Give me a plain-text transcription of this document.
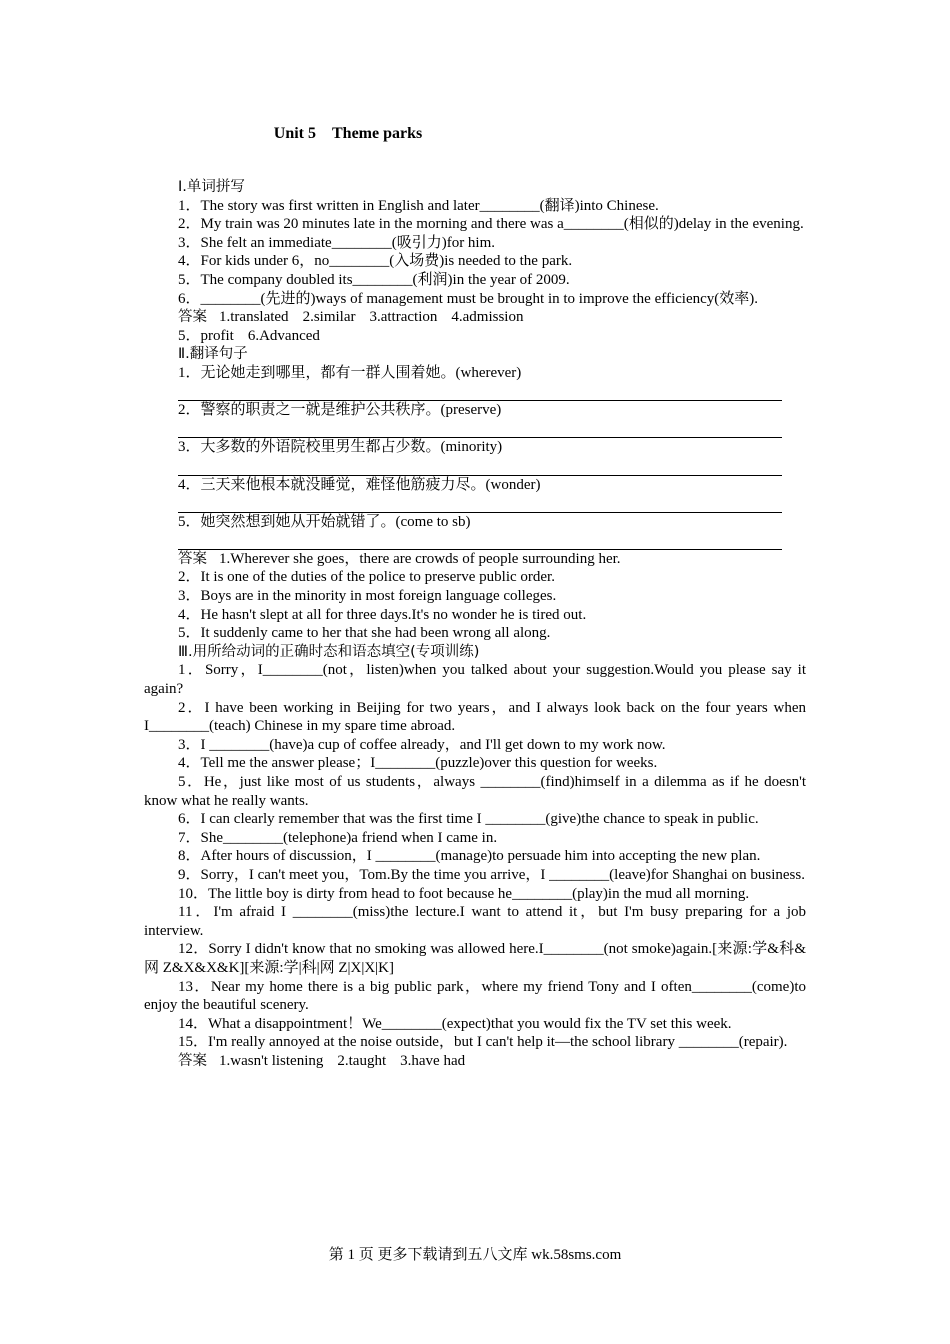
Unit 5 Theme parks

Ⅰ.单词拼写

1．The story was first written in English and later________(翻译)into Chinese.

2．My train was 20 minutes late in the morning and there was a________(相似的)delay in the evening.

3．She felt an immediate________(吸引力)for him.

4．For kids under 6，no________(入场费)is needed to the park.

5．The company doubled its________(利润)in the year of 2009.

6．________(先进的)ways of management must be brought in to improve the efficiency(效率).

答案 1.translated 2.similar 3.attraction 4.admission

5．profit 6.Advanced

Ⅱ.翻译句子

1．无论她走到哪里，都有一群人围着她。(wherever)

2．警察的职责之一就是维护公共秩序。(preserve)

3．大多数的外语院校里男生都占少数。(minority)

4．三天来他根本就没睡觉，难怪他筋疲力尽。(wonder)

5．她突然想到她从开始就错了。(come to sb)

答案 1.Wherever she goes，there are crowds of people surrounding her.

2．It is one of the duties of the police to preserve public order.

3．Boys are in the minority in most foreign language colleges.

4．He hasn't slept at all for three days.It's no wonder he is tired out.

5．It suddenly came to her that she had been wrong all along.

Ⅲ.用所给动词的正确时态和语态填空(专项训练)

1．Sorry，I________(not，listen)when you talked about your suggestion.Would you please say it again?

2．I have been working in Beijing for two years，and I always look back on the four years when I________(teach) Chinese in my spare time abroad.

3．I ________(have)a cup of coffee already，and I'll get down to my work now.

4．Tell me the answer please；I________(puzzle)over this question for weeks.

5．He，just like most of us students，always ________(find)himself in a dilemma as if he doesn't know what he really wants.

6．I can clearly remember that was the first time I ________(give)the chance to speak in public.

7．She________(telephone)a friend when I came in.

8．After hours of discussion，I ________(manage)to persuade him into accepting the new plan.

9．Sorry，I can't meet you，Tom.By the time you arrive，I ________(leave)for Shanghai on business.

10．The little boy is dirty from head to foot because he________(play)in the mud all morning.

11．I'm afraid I ________(miss)the lecture.I want to attend it，but I'm busy preparing for a job interview.

12．Sorry I didn't know that no smoking was allowed here.I________(not smoke)again.[来源:学&科&网 Z&X&X&K][来源:学|科|网 Z|X|X|K]

13．Near my home there is a big public park，where my friend Tony and I often________(come)to enjoy the beautiful scenery.

14．What a disappointment！We________(expect)that you would fix the TV set this week.

15．I'm really annoyed at the noise outside，but I can't help it—the school library ________(repair).

答案 1.wasn't listening 2.taught 3.have had

第 1 页 更多下载请到五八文库 wk.58sms.com
